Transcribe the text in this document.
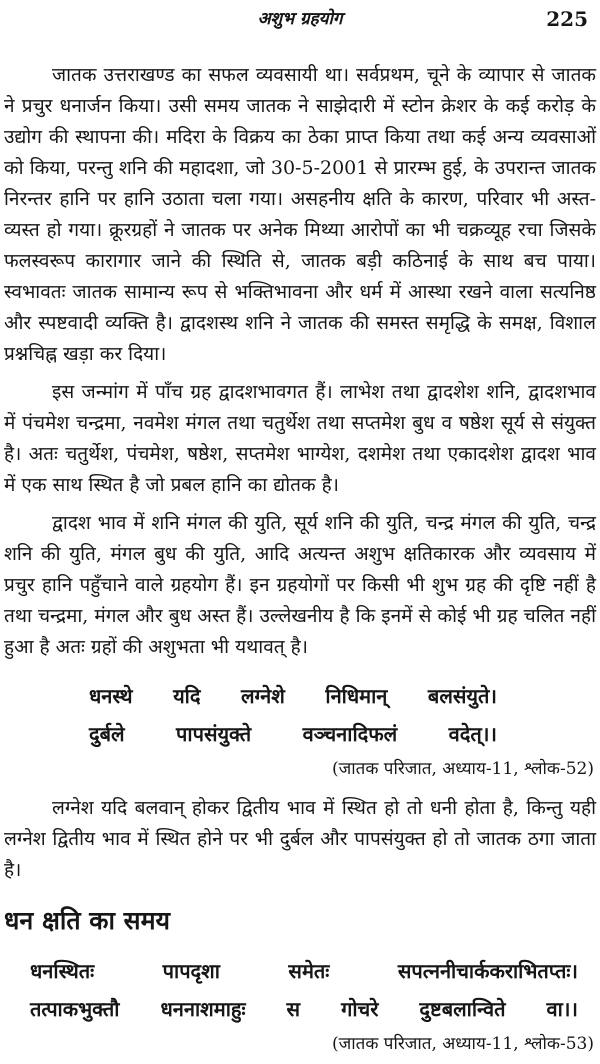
अशुभ ग्रहयोग	225

जातक उत्तराखण्ड का सफल व्यवसायी था। सर्वप्रथम, चूने के व्यापार से जातक ने प्रचुर धनार्जन किया। उसी समय जातक ने साझेदारी में स्टोन क्रेशर के कई करोड़ के उद्योग की स्थापना की। मदिरा के विक्रय का ठेका प्राप्त किया तथा कई अन्य व्यवसाओं को किया, परन्तु शनि की महादशा, जो 30-5-2001 से प्रारम्भ हुई, के उपरान्त जातक निरन्तर हानि पर हानि उठाता चला गया। असहनीय क्षति के कारण, परिवार भी अस्त-व्यस्त हो गया। क्रूरग्रहों ने जातक पर अनेक मिथ्या आरोपों का भी चक्रव्यूह रचा जिसके फलस्वरूप कारागार जाने की स्थिति से, जातक बड़ी कठिनाई के साथ बच पाया। स्वभावतः जातक सामान्य रूप से भक्तिभावना और धर्म में आस्था रखने वाला सत्यनिष्ठ और स्पष्टवादी व्यक्ति है। द्वादशस्थ शनि ने जातक की समस्त समृद्धि के समक्ष, विशाल प्रश्नचिह्न खड़ा कर दिया।

इस जन्मांग में पाँच ग्रह द्वादशभावगत हैं। लाभेश तथा द्वादशेश शनि, द्वादशभाव में पंचमेश चन्द्रमा, नवमेश मंगल तथा चतुर्थेश तथा सप्तमेश बुध व षष्ठेश सूर्य से संयुक्त है। अतः चतुर्थेश, पंचमेश, षष्ठेश, सप्तमेश भाग्येश, दशमेश तथा एकादशेश द्वादश भाव में एक साथ स्थित है जो प्रबल हानि का द्योतक है।

द्वादश भाव में शनि मंगल की युति, सूर्य शनि की युति, चन्द्र मंगल की युति, चन्द्र शनि की युति, मंगल बुध की युति, आदि अत्यन्त अशुभ क्षतिकारक और व्यवसाय में प्रचुर हानि पहुँचाने वाले ग्रहयोग हैं। इन ग्रहयोगों पर किसी भी शुभ ग्रह की दृष्टि नहीं है तथा चन्द्रमा, मंगल और बुध अस्त हैं। उल्लेखनीय है कि इनमें से कोई भी ग्रह चलित नहीं हुआ है अतः ग्रहों की अशुभता भी यथावत् है।

धनस्थे यदि लग्नेशे निधिमान् बलसंयुते।
दुर्बले पापसंयुक्ते वञ्चनादिफलं वदेत्।।
(जातक परिजात, अध्याय-11, श्लोक-52)

लग्नेश यदि बलवान् होकर द्वितीय भाव में स्थित हो तो धनी होता है, किन्तु यही लग्नेश द्वितीय भाव में स्थित होने पर भी दुर्बल और पापसंयुक्त हो तो जातक ठगा जाता है।

धन क्षति का समय
धनस्थितः पापदृशा समेतः सपत्ननीचार्ककराभितप्तः।
तत्पाकभुक्तौ धननाशमाहुः स गोचरे दुष्टबलान्विते वा।।
(जातक परिजात, अध्याय-11, श्लोक-53)
